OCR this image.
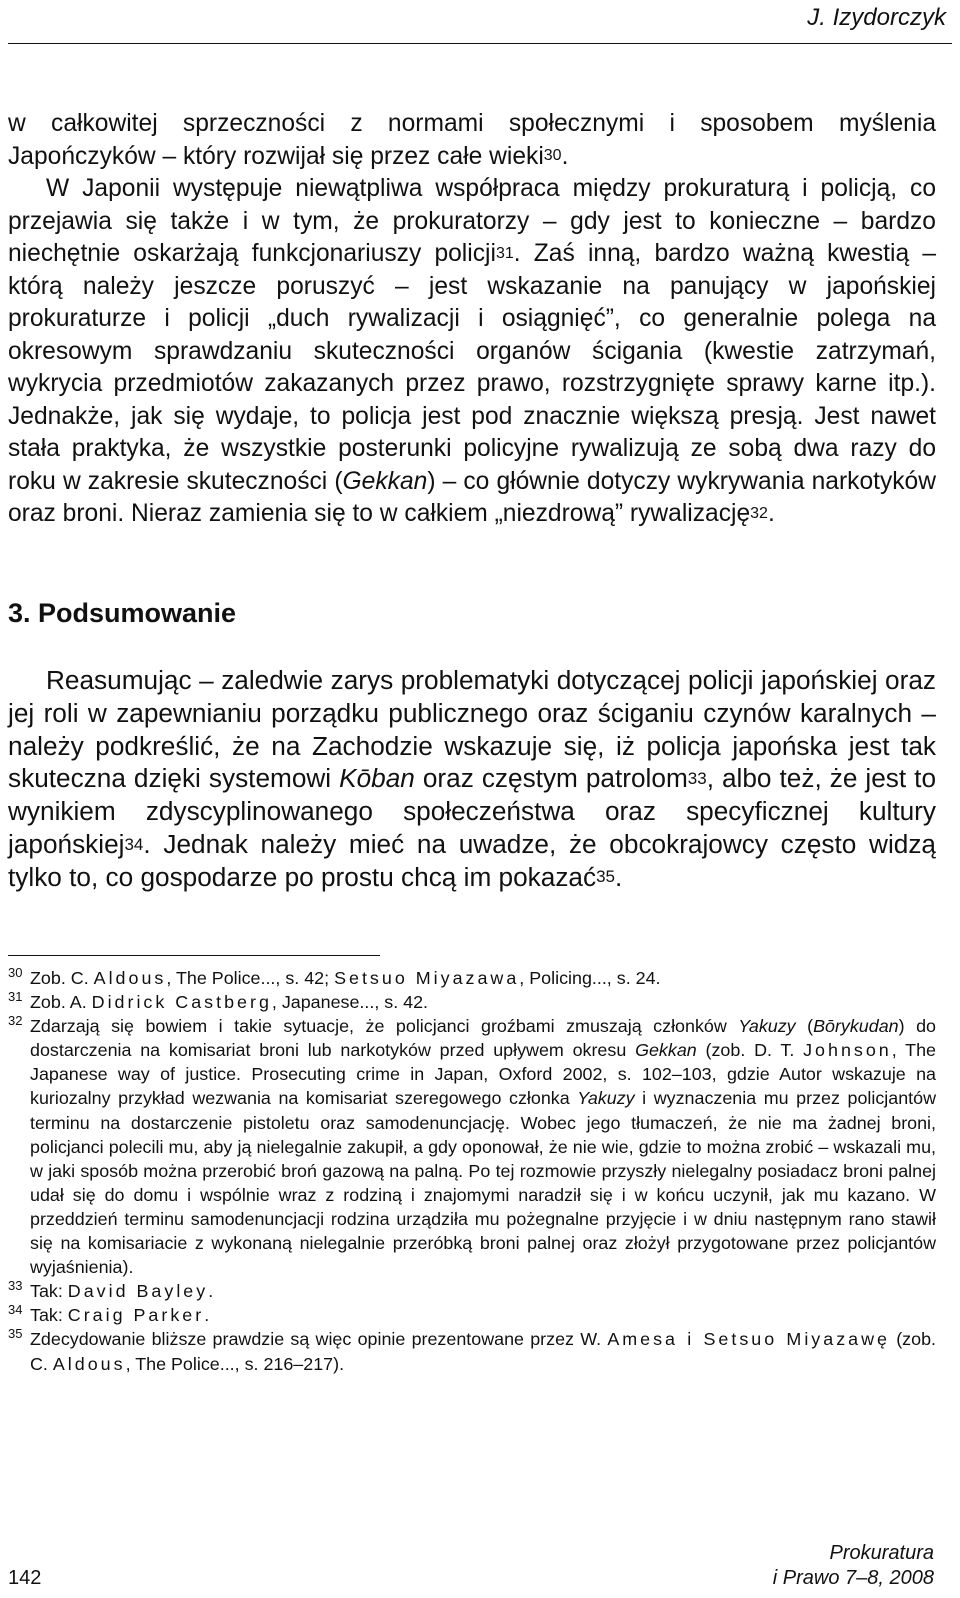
J. Izydorczyk

w całkowitej sprzeczności z normami społecznymi i sposobem myślenia Japończyków – który rozwijał się przez całe wieki$^{30}$.

W Japonii występuje niewątpliwa współpraca między prokuraturą i policją, co przejawia się także i w tym, że prokuratorzy – gdy jest to konieczne – bardzo niechętnie oskarżają funkcjonariuszy policji$^{31}$. Zaś inną, bardzo ważną kwestią – którą należy jeszcze poruszyć – jest wskazanie na panujący w japońskiej prokuraturze i policji „duch rywalizacji i osiągnięć”, co generalnie polega na okresowym sprawdzaniu skuteczności organów ścigania (kwestie zatrzymań, wykrycia przedmiotów zakazanych przez prawo, rozstrzygnięte sprawy karne itp.). Jednakże, jak się wydaje, to policja jest pod znacznie większą presją. Jest nawet stała praktyka, że wszystkie posterunki policyjne rywalizują ze sobą dwa razy do roku w zakresie skuteczności (Gekkan) – co głównie dotyczy wykrywania narkotyków oraz broni. Nieraz zamienia się to w całkiem „niezdrową” rywalizację$^{32}$.

3. Podsumowanie

Reasumując – zaledwie zarys problematyki dotyczącej policji japońskiej oraz jej roli w zapewnianiu porządku publicznego oraz ściganiu czynów karalnych – należy podkreślić, że na Zachodzie wskazuje się, iż policja japońska jest tak skuteczna dzięki systemowi Kōban oraz częstym patrolom$^{33}$, albo też, że jest to wynikiem zdyscyplinowanego społeczeństwa oraz specyficznej kultury japońskiej$^{34}$. Jednak należy mieć na uwadze, że obcokrajowcy często widzą tylko to, co gospodarze po prostu chcą im pokazać$^{35}$.

30 Zob. C. Aldous, The Police..., s. 42; Setsuo Miyazawa, Policing..., s. 24.
31 Zob. A. Didrick Castberg, Japanese..., s. 42.
32 Zdarzają się bowiem i takie sytuacje, że policjanci groźbami zmuszają członków Yakuzy (Bōrykudan) do dostarczenia na komisariat broni lub narkotyków przed upływem okresu Gekkan (zob. D. T. Johnson, The Japanese way of justice. Prosecuting crime in Japan, Oxford 2002, s. 102–103, gdzie Autor wskazuje na kuriozalny przykład wezwania na komisariat szeregowego członka Yakuzy i wyznaczenia mu przez policjantów terminu na dostarczenie pistoletu oraz samodenuncjację. Wobec jego tłumaczeń, że nie ma żadnej broni, policjanci polecili mu, aby ją nielegalnie zakupił, a gdy oponował, że nie wie, gdzie to można zrobić – wskazali mu, w jaki sposób można przerobić broń gazową na palną. Po tej rozmowie przyszły nielegalny posiadacz broni palnej udał się do domu i wspólnie wraz z rodziną i znajomymi naradził się i w końcu uczynił, jak mu kazano. W przeddzień terminu samodenuncjacji rodzina urządziła mu pożegnalne przyjęcie i w dniu następnym rano stawił się na komisariacie z wykonaną nielegalnie przeróbką broni palnej oraz złożył przygotowane przez policjantów wyjaśnienia).
33 Tak: David Bayley.
34 Tak: Craig Parker.
35 Zdecydowanie bliższe prawdzie są więc opinie prezentowane przez W. Amesa i Setsuo Miyazawę (zob. C. Aldous, The Police..., s. 216–217).
142
Prokuratura
i Prawo 7–8, 2008
